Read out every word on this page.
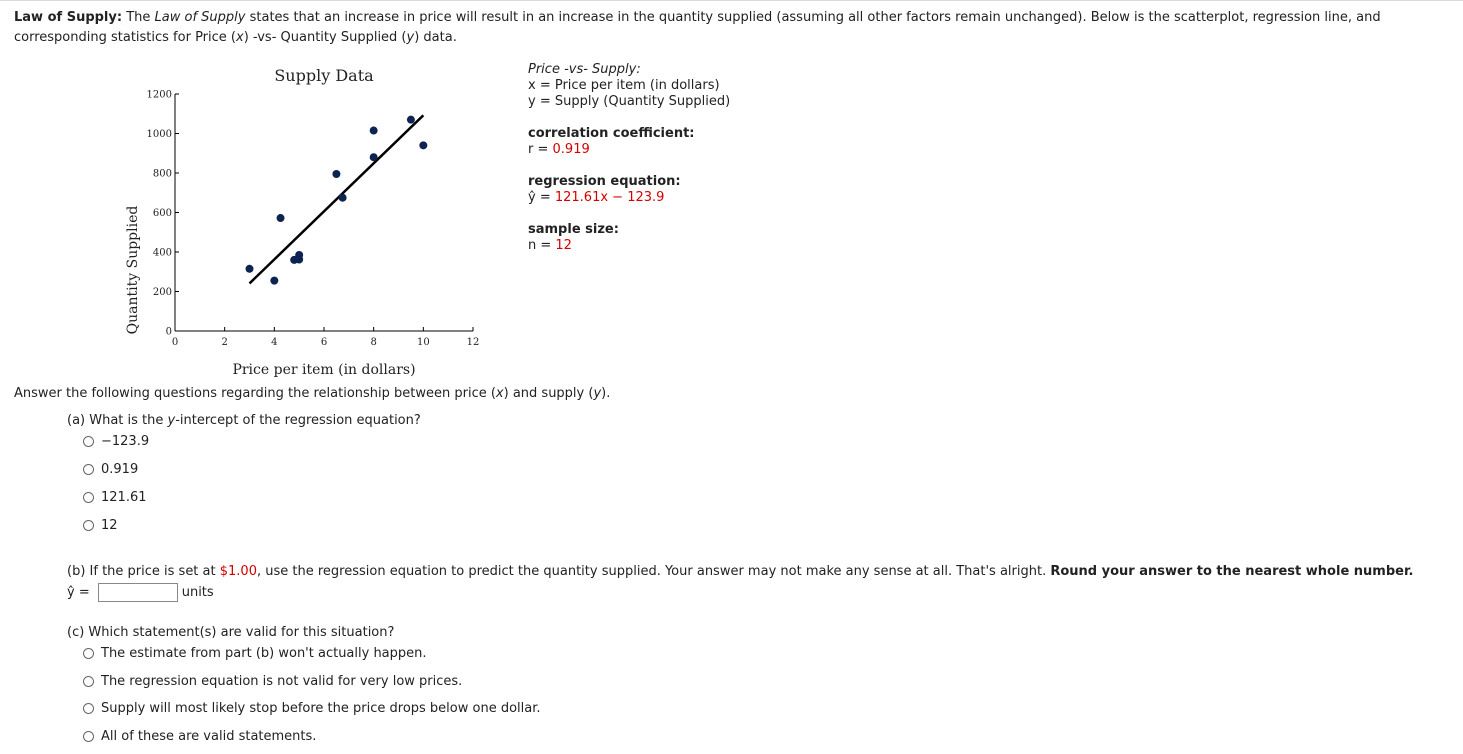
Law of Supply: The Law of Supply states that an increase in price will result in an increase in the quantity supplied (assuming all other factors remain unchanged). Below is the scatterplot, regression line, and corresponding statistics for Price (x) -vs- Quantity Supplied (y) data.
Supply Data
0	2	4	6	8	10	12
0
200
400
600
800
1000
1200
Price per item (in dollars)
Quantity Supplied
Price -vs- Supply:
x = Price per item (in dollars)
y = Supply (Quantity Supplied)
correlation coefficient:
r = 0.919
regression equation:
ŷ = 121.61x − 123.9
sample size:
n = 12
Answer the following questions regarding the relationship between price (x) and supply (y).
(a) What is the y-intercept of the regression equation?
−123.9
0.919
121.61
12
(b) If the price is set at $1.00, use the regression equation to predict the quantity supplied. Your answer may not make any sense at all. That's alright. Round your answer to the nearest whole number.
ŷ =	units
(c) Which statement(s) are valid for this situation?
The estimate from part (b) won't actually happen.
The regression equation is not valid for very low prices.
Supply will most likely stop before the price drops below one dollar.
All of these are valid statements.
